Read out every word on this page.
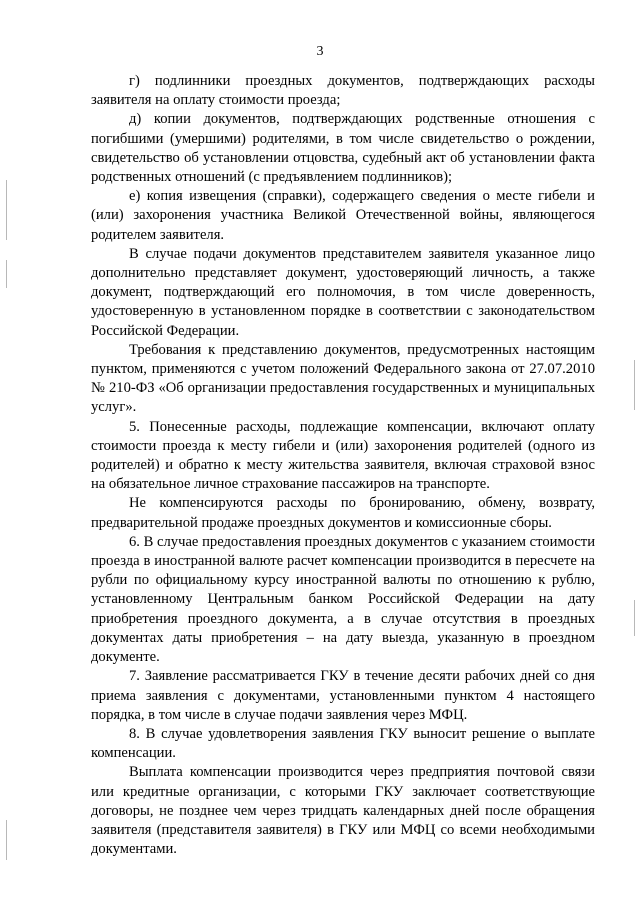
3

г) подлинники проездных документов, подтверждающих расходы заявителя на оплату стоимости проезда;

д) копии документов, подтверждающих родственные отношения с погибшими (умершими) родителями, в том числе свидетельство о рождении, свидетельство об установлении отцовства, судебный акт об установлении факта родственных отношений (с предъявлением подлинников);

е) копия извещения (справки), содержащего сведения о месте гибели и (или) захоронения участника Великой Отечественной войны, являющегося родителем заявителя.

В случае подачи документов представителем заявителя указанное лицо дополнительно представляет документ, удостоверяющий личность, а также документ, подтверждающий его полномочия, в том числе доверенность, удостоверенную в установленном порядке в соответствии с законодательством Российской Федерации.

Требования к представлению документов, предусмотренных настоящим пунктом, применяются с учетом положений Федерального закона от 27.07.2010 № 210-ФЗ «Об организации предоставления государственных и муниципальных услуг».

5. Понесенные расходы, подлежащие компенсации, включают оплату стоимости проезда к месту гибели и (или) захоронения родителей (одного из родителей) и обратно к месту жительства заявителя, включая страховой взнос на обязательное личное страхование пассажиров на транспорте.

Не компенсируются расходы по бронированию, обмену, возврату, предварительной продаже проездных документов и комиссионные сборы.

6. В случае предоставления проездных документов с указанием стоимости проезда в иностранной валюте расчет компенсации производится в пересчете на рубли по официальному курсу иностранной валюты по отношению к рублю, установленному Центральным банком Российской Федерации на дату приобретения проездного документа, а в случае отсутствия в проездных документах даты приобретения – на дату выезда, указанную в проездном документе.

7. Заявление рассматривается ГКУ в течение десяти рабочих дней со дня приема заявления с документами, установленными пунктом 4 настоящего порядка, в том числе в случае подачи заявления через МФЦ.

8. В случае удовлетворения заявления ГКУ выносит решение о выплате компенсации.

Выплата компенсации производится через предприятия почтовой связи или кредитные организации, с которыми ГКУ заключает соответствующие договоры, не позднее чем через тридцать календарных дней после обращения заявителя (представителя заявителя) в ГКУ или МФЦ со всеми необходимыми документами.
